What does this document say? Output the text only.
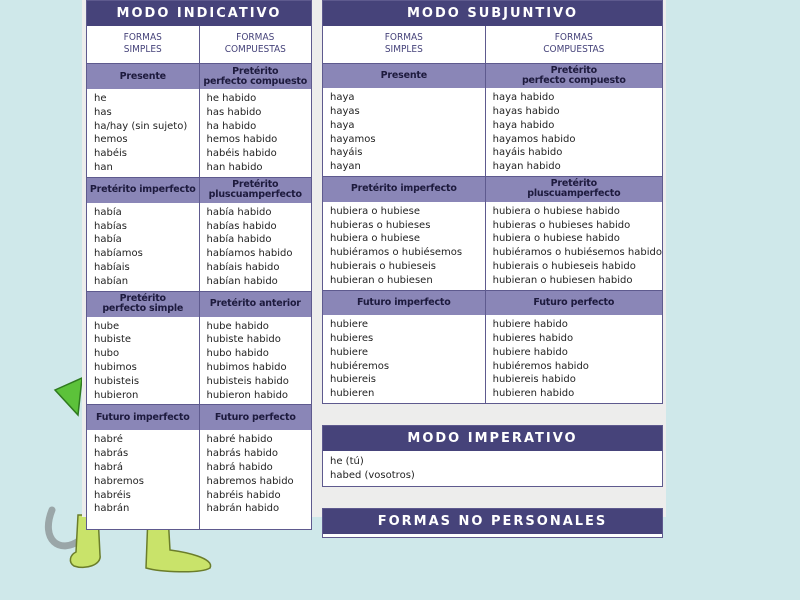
MODO INDICATIVO
FORMAS
SIMPLES
Presente
he
has
ha/hay (sin sujeto)
hemos
habéis
han
Pretérito imperfecto
había
habías
había
habíamos
habíais
habían
Pretérito
perfecto simple
hube
hubiste
hubo
hubimos
hubisteis
hubieron
Futuro imperfecto
habré
habrás
habrá
habremos
habréis
habrán
FORMAS
COMPUESTAS
Pretérito
perfecto compuesto
he habido
has habido
ha habido
hemos habido
habéis habido
han habido
Pretérito
pluscuamperfecto
había habido
habías habido
había habido
habíamos habido
habíais habido
habían habido
Pretérito anterior
hube habido
hubiste habido
hubo habido
hubimos habido
hubisteis habido
hubieron habido
Futuro perfecto
habré habido
habrás habido
habrá habido
habremos habido
habréis habido
habrán habido
MODO SUBJUNTIVO
FORMAS
SIMPLES
Presente
haya
hayas
haya
hayamos
hayáis
hayan
Pretérito imperfecto
hubiera o hubiese
hubieras o hubieses
hubiera o hubiese
hubiéramos o hubiésemos
hubierais o hubieseis
hubieran o hubiesen
Futuro imperfecto
hubiere
hubieres
hubiere
hubiéremos
hubiereis
hubieren
FORMAS
COMPUESTAS
Pretérito
perfecto compuesto
haya habido
hayas habido
haya habido
hayamos habido
hayáis habido
hayan habido
Pretérito
pluscuamperfecto
hubiera o hubiese habido
hubieras o hubieses habido
hubiera o hubiese habido
hubiéramos o hubiésemos habido
hubierais o hubieseis habido
hubieran o hubiesen habido
Futuro perfecto
hubiere habido
hubieres habido
hubiere habido
hubiéremos habido
hubiereis habido
hubieren habido
MODO IMPERATIVO
he (tú)
habed (vosotros)
FORMAS NO PERSONALES
